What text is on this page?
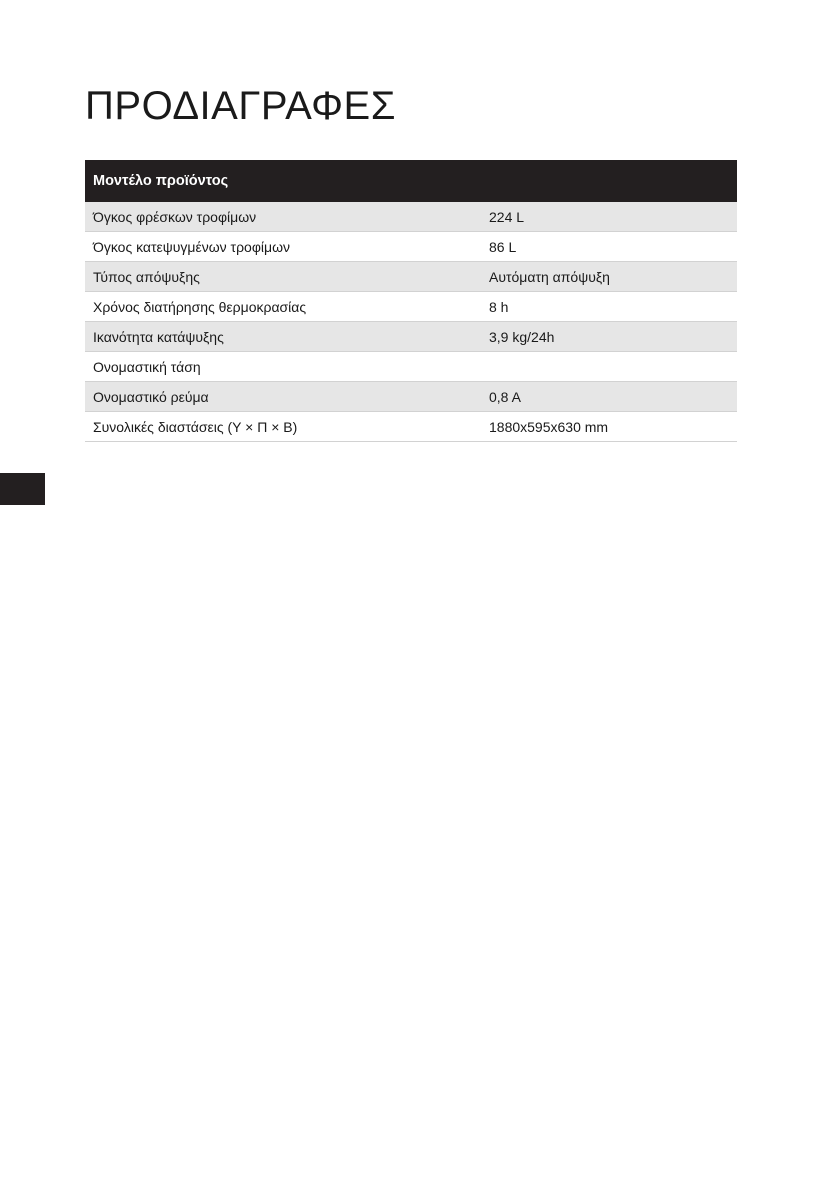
ΠΡΟΔΙΑΓΡΑΦΕΣ
Μοντέλο προϊόντος	
Όγκος φρέσκων τροφίμων	224 L
Όγκος κατεψυγμένων τροφίμων	86 L
Τύπος απόψυξης	Αυτόματη απόψυξη
Χρόνος διατήρησης θερμοκρασίας	8 h
Ικανότητα κατάψυξης	3,9 kg/24h
Ονομαστική τάση	
Ονομαστικό ρεύμα	0,8 A
Συνολικές διαστάσεις (Υ × Π × Β)	1880x595x630 mm
